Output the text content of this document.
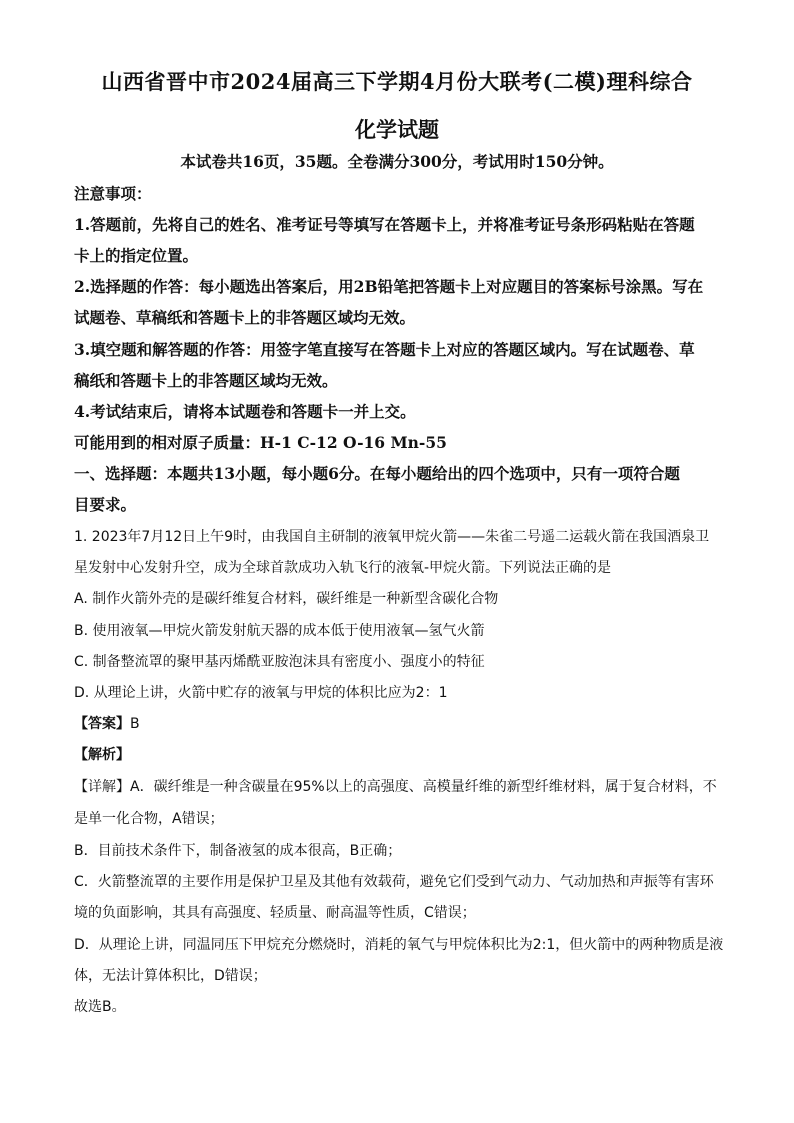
山西省晋中市2024届高三下学期4月份大联考(二模)理科综合
化学试题
本试卷共16页，35题。全卷满分300分，考试用时150分钟。
注意事项：
1.答题前，先将自己的姓名、准考证号等填写在答题卡上，并将准考证号条形码粘贴在答题
卡上的指定位置。
2.选择题的作答：每小题选出答案后，用2B铅笔把答题卡上对应题目的答案标号涂黑。写在
试题卷、草稿纸和答题卡上的非答题区域均无效。
3.填空题和解答题的作答：用签字笔直接写在答题卡上对应的答题区域内。写在试题卷、草
稿纸和答题卡上的非答题区域均无效。
4.考试结束后，请将本试题卷和答题卡一并上交。
可能用到的相对原子质量：H-1 C-12 O-16 Mn-55
一、选择题：本题共13小题，每小题6分。在每小题给出的四个选项中，只有一项符合题
目要求。
1. 2023年7月12日上午9时，由我国自主研制的液氧甲烷火箭——朱雀二号遥二运载火箭在我国酒泉卫
星发射中心发射升空，成为全球首款成功入轨飞行的液氧-甲烷火箭。下列说法正确的是
A. 制作火箭外壳的是碳纤维复合材料，碳纤维是一种新型含碳化合物
B. 使用液氧—甲烷火箭发射航天器的成本低于使用液氧—氢气火箭
C. 制备整流罩的聚甲基丙烯酰亚胺泡沫具有密度小、强度小的特征
D. 从理论上讲，火箭中贮存的液氧与甲烷的体积比应为2：1
【答案】B
【解析】
【详解】A．碳纤维是一种含碳量在95%以上的高强度、高模量纤维的新型纤维材料，属于复合材料，不
是单一化合物，A错误；
B．目前技术条件下，制备液氢的成本很高，B正确；
C．火箭整流罩的主要作用是保护卫星及其他有效载荷，避免它们受到气动力、气动加热和声振等有害环
境的负面影响，其具有高强度、轻质量、耐高温等性质，C错误；
D．从理论上讲，同温同压下甲烷充分燃烧时，消耗的氧气与甲烷体积比为2:1，但火箭中的两种物质是液
体，无法计算体积比，D错误；
故选B。
